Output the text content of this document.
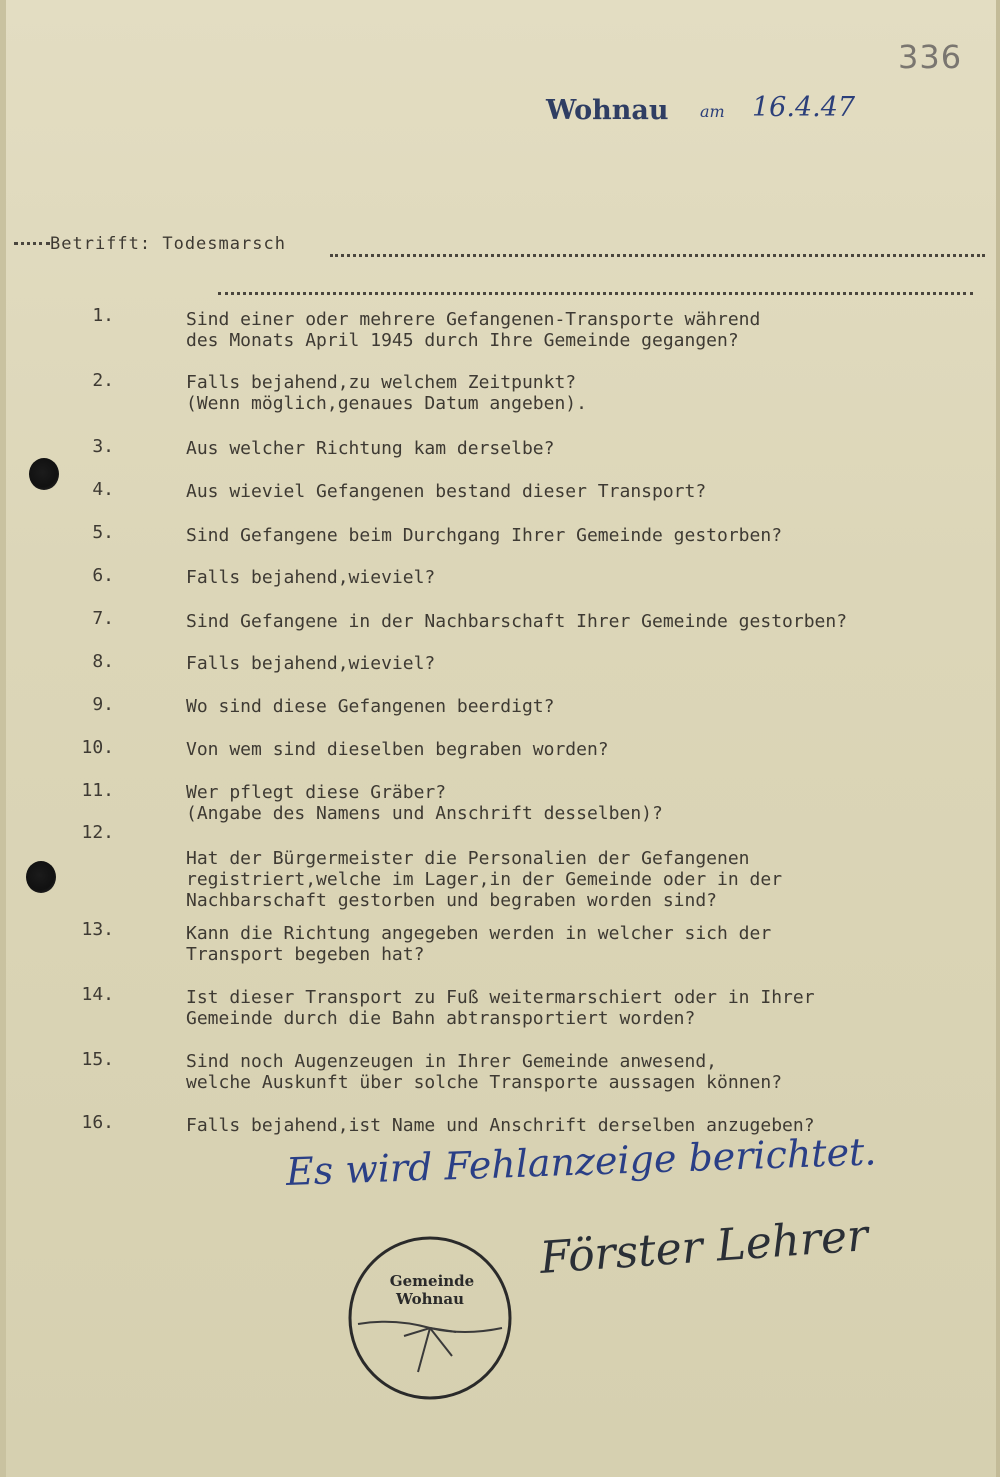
336
Wohnau am 16.4.47
Betrifft: Todesmarsch
1.	Sind einer oder mehrere Gefangenen-Transporte während
des Monats April 1945 durch Ihre Gemeinde gegangen?
2.	Falls bejahend,zu welchem Zeitpunkt?
(Wenn möglich,genaues Datum angeben).
3.	Aus welcher Richtung kam derselbe?
4.	Aus wieviel Gefangenen bestand dieser Transport?
5.	Sind Gefangene beim Durchgang Ihrer Gemeinde gestorben?
6.	Falls bejahend,wieviel?
7.	Sind Gefangene in der Nachbarschaft Ihrer Gemeinde gestorben?
8.	Falls bejahend,wieviel?
9.	Wo sind diese Gefangenen beerdigt?
10.	Von wem sind dieselben begraben worden?
11.	Wer pflegt diese Gräber?
(Angabe des Namens und Anschrift desselben)?
12.
Hat der Bürgermeister die Personalien der Gefangenen
registriert,welche im Lager,in der Gemeinde oder in der
Nachbarschaft gestorben und begraben worden sind?
13.	Kann die Richtung angegeben werden in welcher sich der
Transport begeben hat?
14.	Ist dieser Transport zu Fuß weitermarschiert oder in Ihrer
Gemeinde durch die Bahn abtransportiert worden?
15.	Sind noch Augenzeugen in Ihrer Gemeinde anwesend,
welche Auskunft über solche Transporte aussagen können?
16.	Falls bejahend,ist Name und Anschrift derselben anzugeben?
Es wird Fehlanzeige berichtet.
Gemeinde
Wohnau
Förster Lehrer
